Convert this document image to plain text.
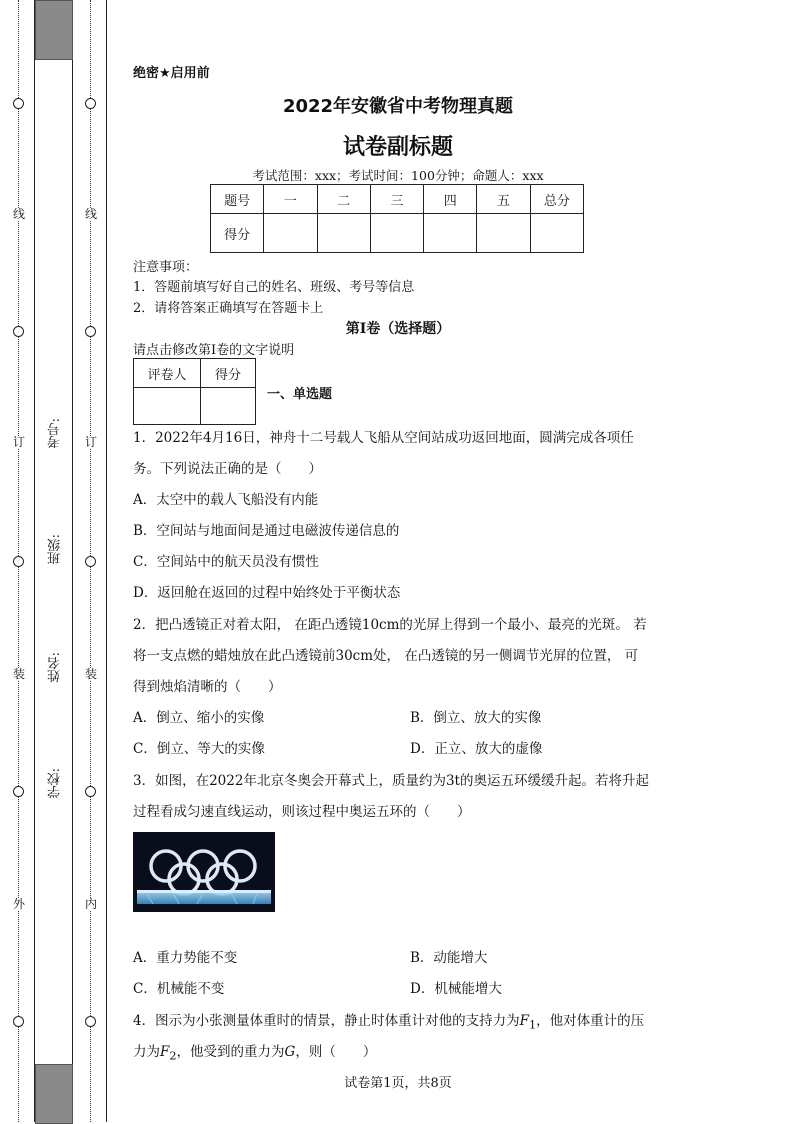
线
订
装
外
线
订
装
内
考号:
班级:
姓名:
学校:
绝密★启用前
2022年安徽省中考物理真题
试卷副标题
考试范围：xxx；考试时间：100分钟；命题人：xxx
题号	一	二	三	四	五	总分
得分						
注意事项：
1．答题前填写好自己的姓名、班级、考号等信息
2．请将答案正确填写在答题卡上
第I卷（选择题）
请点击修改第I卷的文字说明
评卷人	得分

一、单选题
1．2022年4月16日，神舟十二号载人飞船从空间站成功返回地面，圆满完成各项任
务。下列说法正确的是（　　）
A．太空中的载人飞船没有内能
B．空间站与地面间是通过电磁波传递信息的
C．空间站中的航天员没有惯性
D．返回舱在返回的过程中始终处于平衡状态
2．把凸透镜正对着太阳， 在距凸透镜10cm的光屏上得到一个最小、最亮的光斑。 若
将一支点燃的蜡烛放在此凸透镜前30cm处， 在凸透镜的另一侧调节光屏的位置， 可
得到烛焰清晰的（　　）
A．倒立、缩小的实像	B．倒立、放大的实像
C．倒立、等大的实像	D．正立、放大的虚像
3．如图，在2022年北京冬奥会开幕式上，质量约为3t的奥运五环缓缓升起。若将升起
过程看成匀速直线运动，则该过程中奥运五环的（　　）
A．重力势能不变	B．动能增大
C．机械能不变	D．机械能增大
4．图示为小张测量体重时的情景，静止时体重计对他的支持力为$F_1$，他对体重计的压
力为$F_2$，他受到的重力为G，则（　　）
试卷第1页，共8页
